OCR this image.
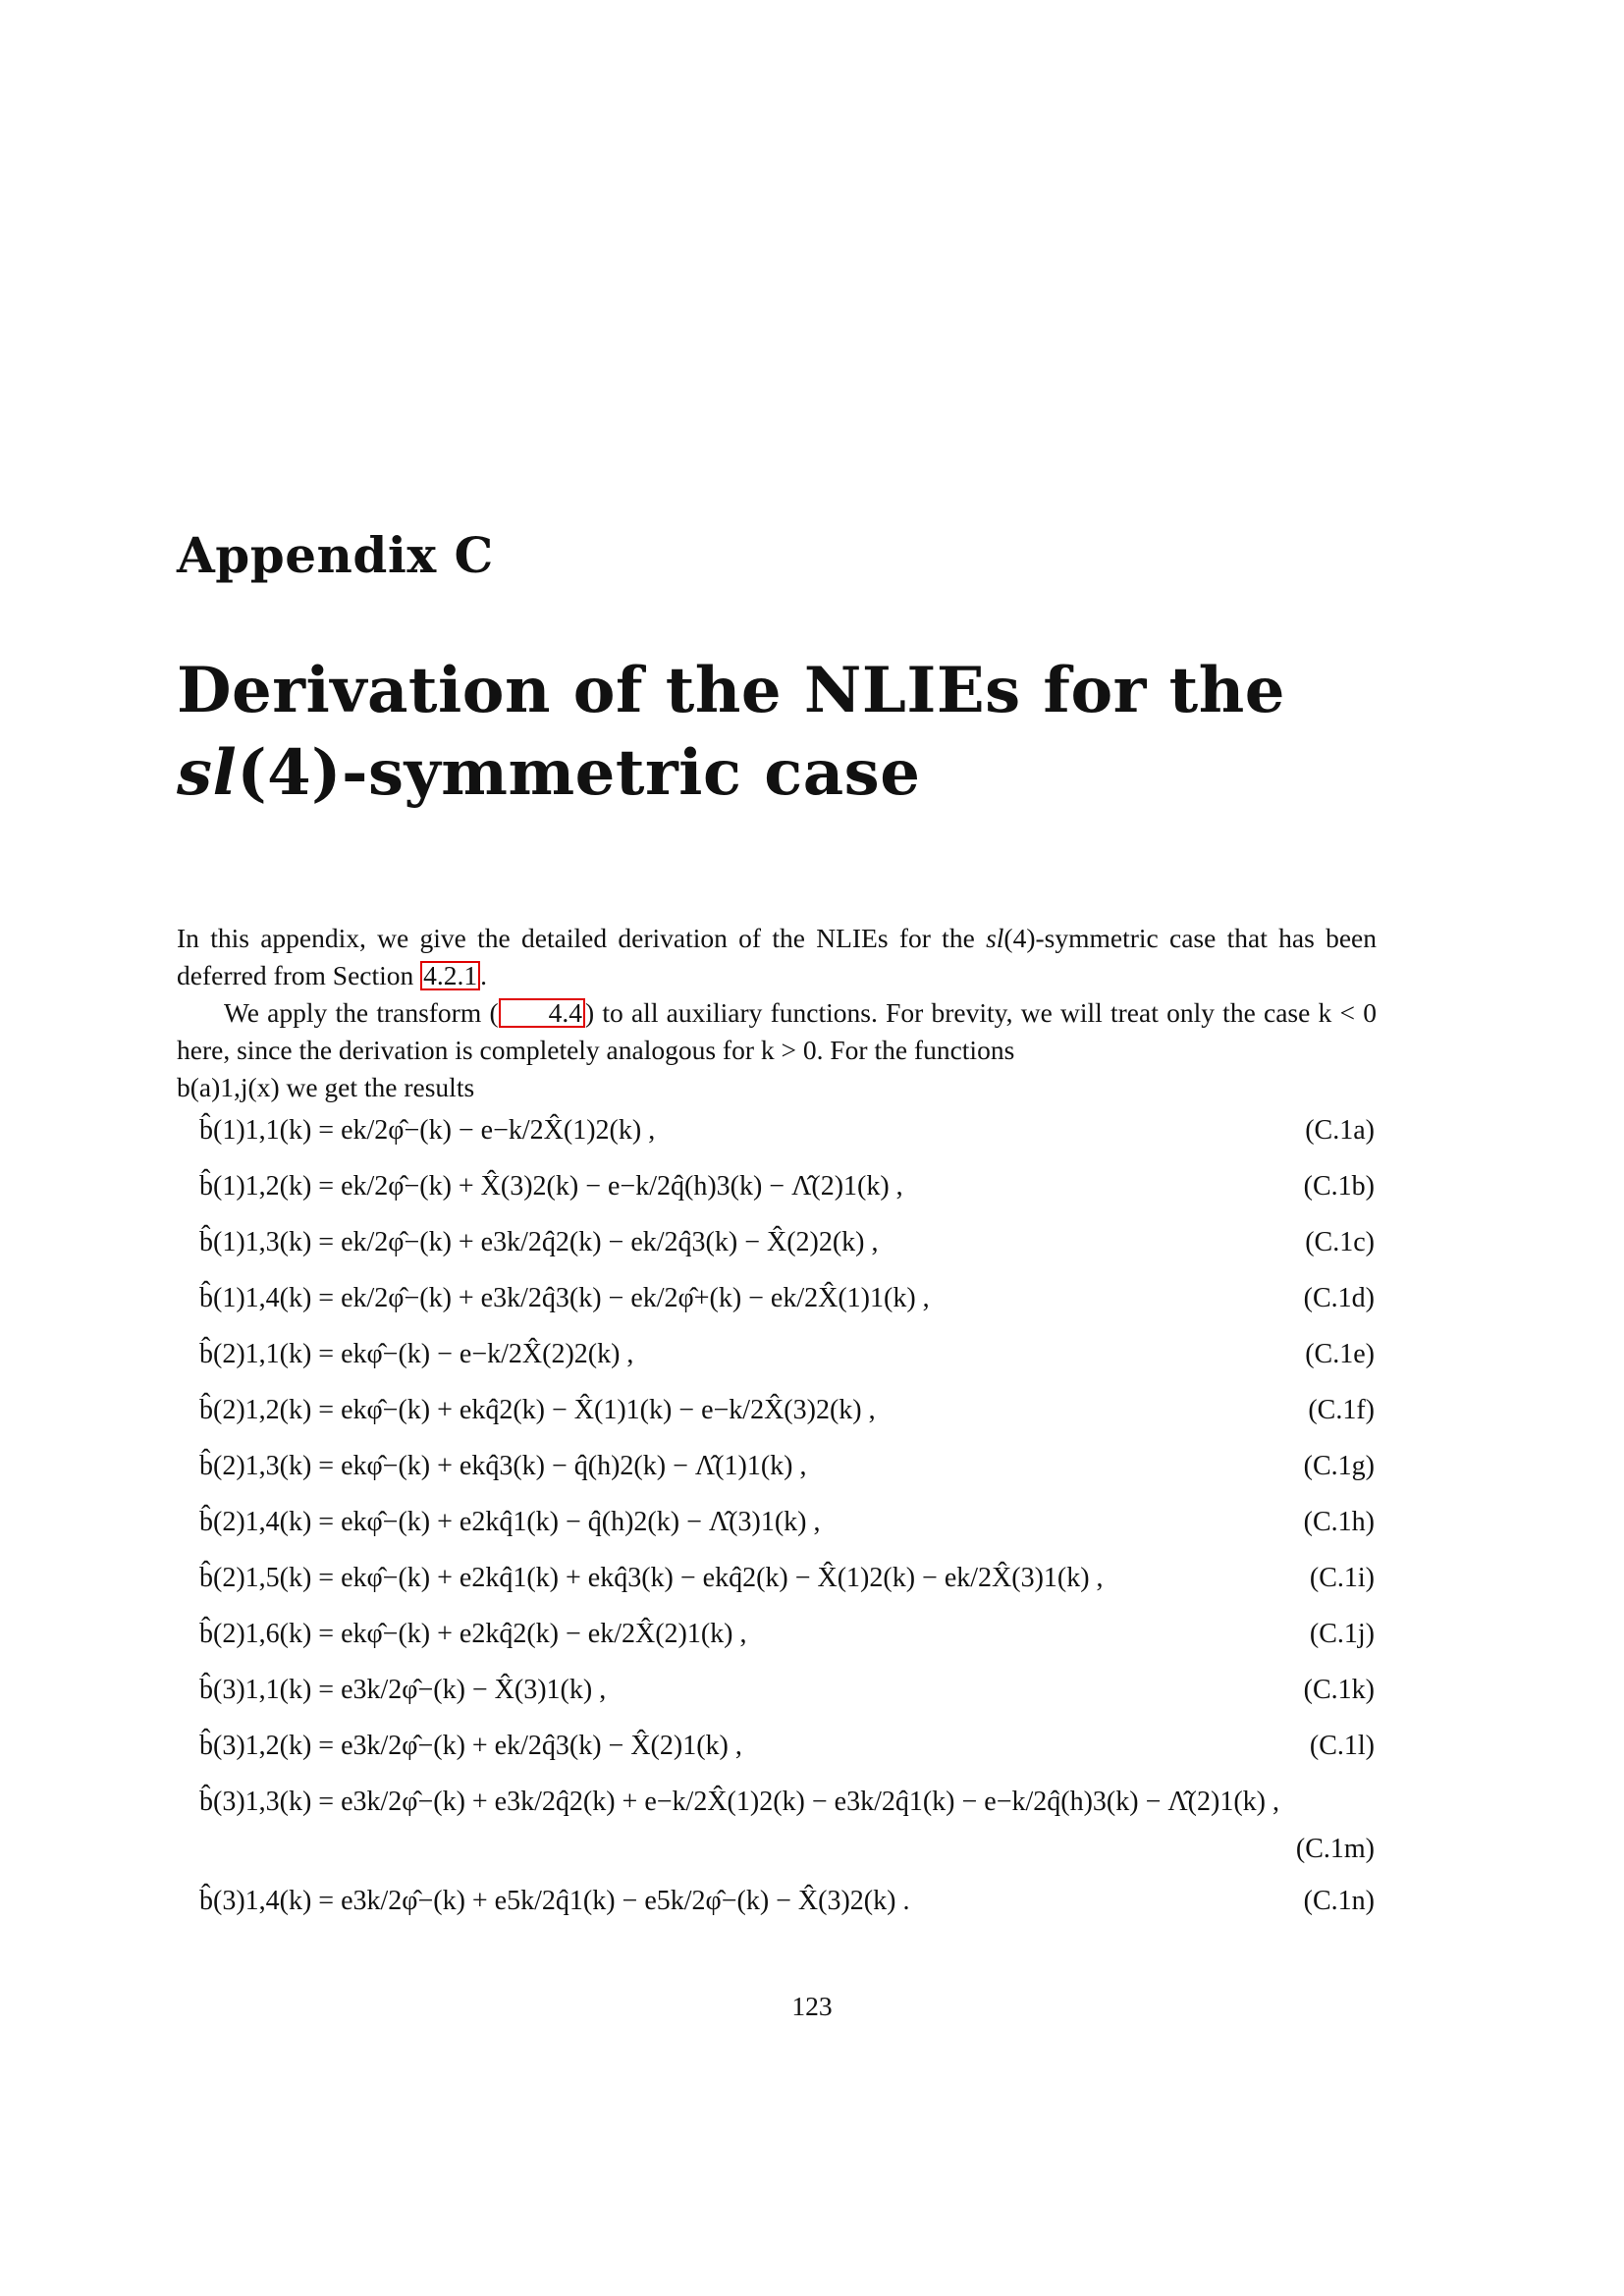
Appendix C
Derivation of the NLIEs for the
sl(4)-symmetric case
In this appendix, we give the detailed derivation of the NLIEs for the sl(4)-symmetric case that has been deferred from Section 4.2.1 .
We apply the transform ( 4.4 ) to all auxiliary functions. For brevity, we will treat only the case k < 0 here, since the derivation is completely analogous for k > 0. For the functions
b(a)1,j(x) we get the results
b̂(1)1,1(k) = ek/2φ̂−(k) − e−k/2X̂(1)2(k) ,	(C.1a)
b̂(1)1,2(k) = ek/2φ̂−(k) + X̂(3)2(k) − e−k/2q̂(h)3(k) − Λ̂(2)1(k) ,	(C.1b)
b̂(1)1,3(k) = ek/2φ̂−(k) + e3k/2q̂2(k) − ek/2q̂3(k) − X̂(2)2(k) ,	(C.1c)
b̂(1)1,4(k) = ek/2φ̂−(k) + e3k/2q̂3(k) − ek/2φ̂+(k) − ek/2X̂(1)1(k) ,	(C.1d)
b̂(2)1,1(k) = ekφ̂−(k) − e−k/2X̂(2)2(k) ,	(C.1e)
b̂(2)1,2(k) = ekφ̂−(k) + ekq̂2(k) − X̂(1)1(k) − e−k/2X̂(3)2(k) ,	(C.1f)
b̂(2)1,3(k) = ekφ̂−(k) + ekq̂3(k) − q̂(h)2(k) − Λ̂(1)1(k) ,	(C.1g)
b̂(2)1,4(k) = ekφ̂−(k) + e2kq̂1(k) − q̂(h)2(k) − Λ̂(3)1(k) ,	(C.1h)
b̂(2)1,5(k) = ekφ̂−(k) + e2kq̂1(k) + ekq̂3(k) − ekq̂2(k) − X̂(1)2(k) − ek/2X̂(3)1(k) ,	(C.1i)
b̂(2)1,6(k) = ekφ̂−(k) + e2kq̂2(k) − ek/2X̂(2)1(k) ,	(C.1j)
b̂(3)1,1(k) = e3k/2φ̂−(k) − X̂(3)1(k) ,	(C.1k)
b̂(3)1,2(k) = e3k/2φ̂−(k) + ek/2q̂3(k) − X̂(2)1(k) ,	(C.1l)
b̂(3)1,3(k) = e3k/2φ̂−(k) + e3k/2q̂2(k) + e−k/2X̂(1)2(k) − e3k/2q̂1(k) − e−k/2q̂(h)3(k) − Λ̂(2)1(k) ,
(C.1m)
b̂(3)1,4(k) = e3k/2φ̂−(k) + e5k/2q̂1(k) − e5k/2φ̂−(k) − X̂(3)2(k) .	(C.1n)
123
